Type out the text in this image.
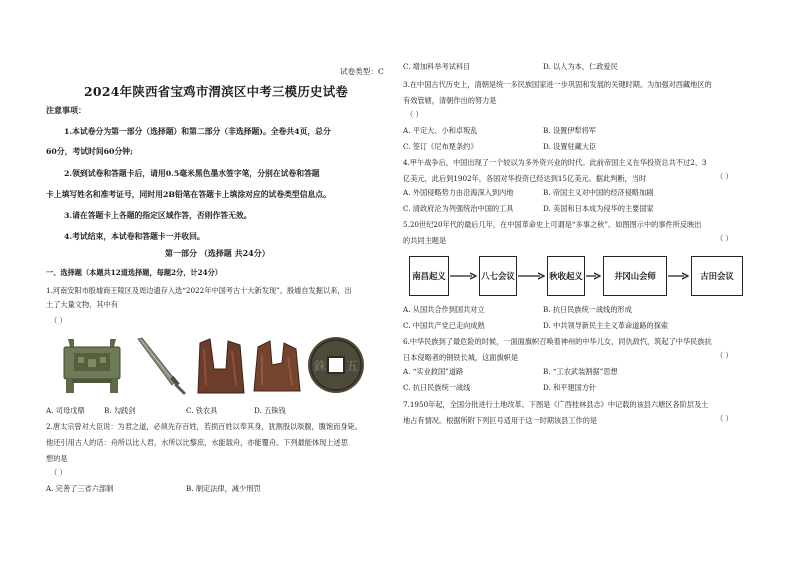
试卷类型：C
2024年陕西省宝鸡市渭滨区中考三模历史试卷
注意事项：
1.本试卷分为第一部分（选择题）和第二部分（非选择题)。全卷共4页，总分
60分，考试时间60分钟;
2.领到试卷和答题卡后，请用0.5毫米黑色墨水签字笔，分别在试卷和答题
卡上填写姓名和准考证号，同时用2B铅笔在答题卡上填涂对应的试卷类型信息点。
3.请在答题卡上各题的指定区域作答，否则作答无效。
4.考试结束，本试卷和答题卡一并收回。
第一部分 （选择题 共24分）
一、选择题（本题共12道选择题，每题2分，计24分）
1.河南安阳市殷墟商王陵区及周边遗存入选“2022年中国考古十大新发现”。殷墟自发掘以来，出
土了大量文物，其中有
（ ）
五
銖
A. 司母戊鼎	B. 勾践剑	C. 铁农具	D. 五铢钱
2.唐太宗曾对大臣说：为君之道，必须先存百姓，若损百姓以奉其身，犹割股以啖腹，腹饱而身毙。
他还引用古人的话：舟所以比人君，水所以比黎庶，水能载舟，亦能覆舟。下列最能体现上述思
想的是
（ ）
A. 完善了三省六部制	B. 制定法律，减少刑罚
C. 增加科举考试科目	D. 以人为本，仁政爱民
3.在中国古代历史上，清朝是统一多民族国家进一步巩固和发展的关键时期。为加强对西藏地区的
有效管辖，清朝作出的努力是
（ ）
A. 平定大、小和卓叛乱	B. 设置伊犁将军
C. 签订《尼布楚条约》	D. 设置驻藏大臣
4.甲午战争后，中国出现了一个较以为多外资兴业的时代。此前帝国主义在华投资总共不过2、3
亿美元，此后到1902年，各国对华投资已经达到15亿美元。据此判断，当时	（ ）
A. 外国侵略势力由沿海深入到内地	B. 帝国主义对中国的经济侵略加剧
C. 清政府沦为列强统治中国的工具	D. 美国和日本成为侵华的主要国家
5.20世纪20年代的最后几年，在中国革命史上可谓是“多事之秋”。如图图示中的事件所反映出
的共同主题是	（ ）
南昌起义	八七会议	秋收起义	井冈山会师	古田会议
A. 从国共合作到国共对立	B. 抗日民族统一战线的形成
C. 中国共产党已走向成熟	D. 中共领导新民主主义革命道路的探索
6.中华民族到了最危险的时候，一面面旗帜召唤着神州的中华儿女，同仇敌忾，筑起了中华民族抗
日本侵略者的钢铁长城，这面旗帜是	（ ）
A. “实业救国”道路	B. “工农武装割据”思想
C. 抗日民族统一战线	D. 和平建国方针
7.1950年起，全国分批进行土地改革。下图是《广西桂林县志》中记载的该县六塘区各阶层及土
地占有情况。根据所附下列叵号适用于这一时期该县工作的是	（ ）
